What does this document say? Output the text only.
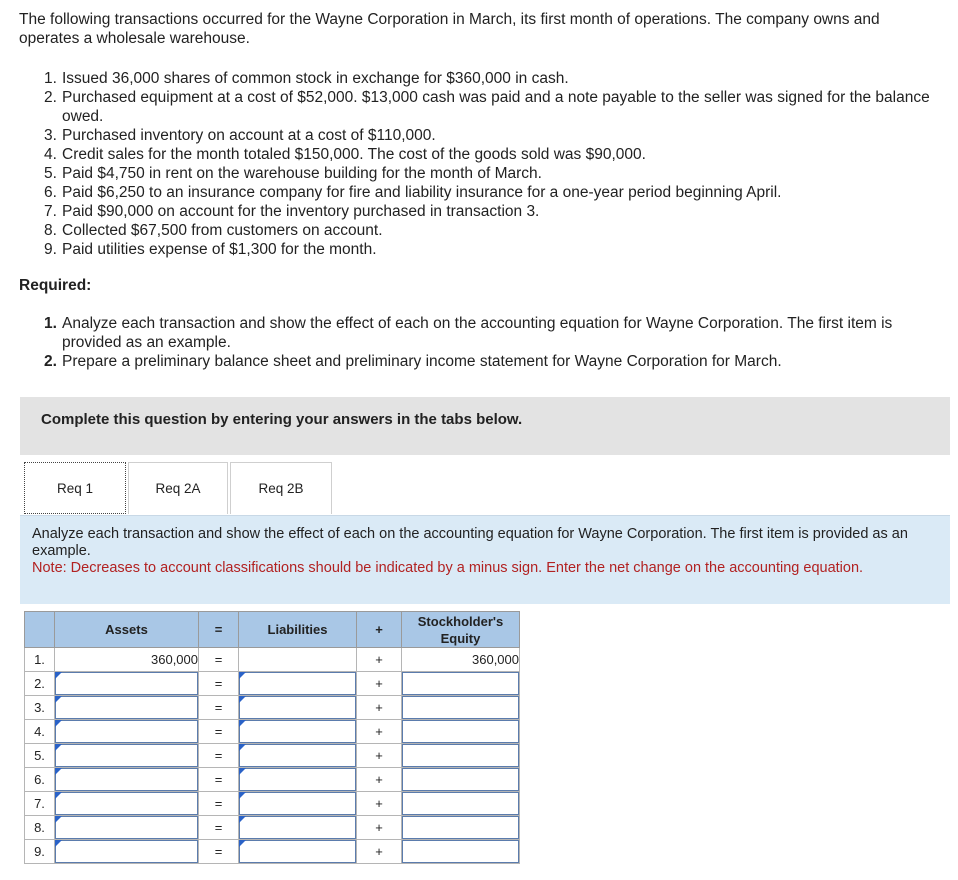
The following transactions occurred for the Wayne Corporation in March, its first month of operations. The company owns and operates a wholesale warehouse.

1. Issued 36,000 shares of common stock in exchange for $360,000 in cash.
2. Purchased equipment at a cost of $52,000. $13,000 cash was paid and a note payable to the seller was signed for the balance owed.
3. Purchased inventory on account at a cost of $110,000.
4. Credit sales for the month totaled $150,000. The cost of the goods sold was $90,000.
5. Paid $4,750 in rent on the warehouse building for the month of March.
6. Paid $6,250 to an insurance company for fire and liability insurance for a one-year period beginning April.
7. Paid $90,000 on account for the inventory purchased in transaction 3.
8. Collected $67,500 from customers on account.
9. Paid utilities expense of $1,300 for the month.

Required:

1. Analyze each transaction and show the effect of each on the accounting equation for Wayne Corporation. The first item is provided as an example.
2. Prepare a preliminary balance sheet and preliminary income statement for Wayne Corporation for March.
Complete this question by entering your answers in the tabs below.
Req 1	Req 2A	Req 2B
Analyze each transaction and show the effect of each on the accounting equation for Wayne Corporation. The first item is provided as an example.
Note: Decreases to account classifications should be indicated by a minus sign. Enter the net change on the accounting equation.
	Assets	=	Liabilities	+	Stockholder's Equity
1.	360,000	=		+	360,000
2.		=		+	
3.		=		+	
4.		=		+	
5.		=		+	
6.		=		+	
7.		=		+	
8.		=		+	
9.		=		+	
